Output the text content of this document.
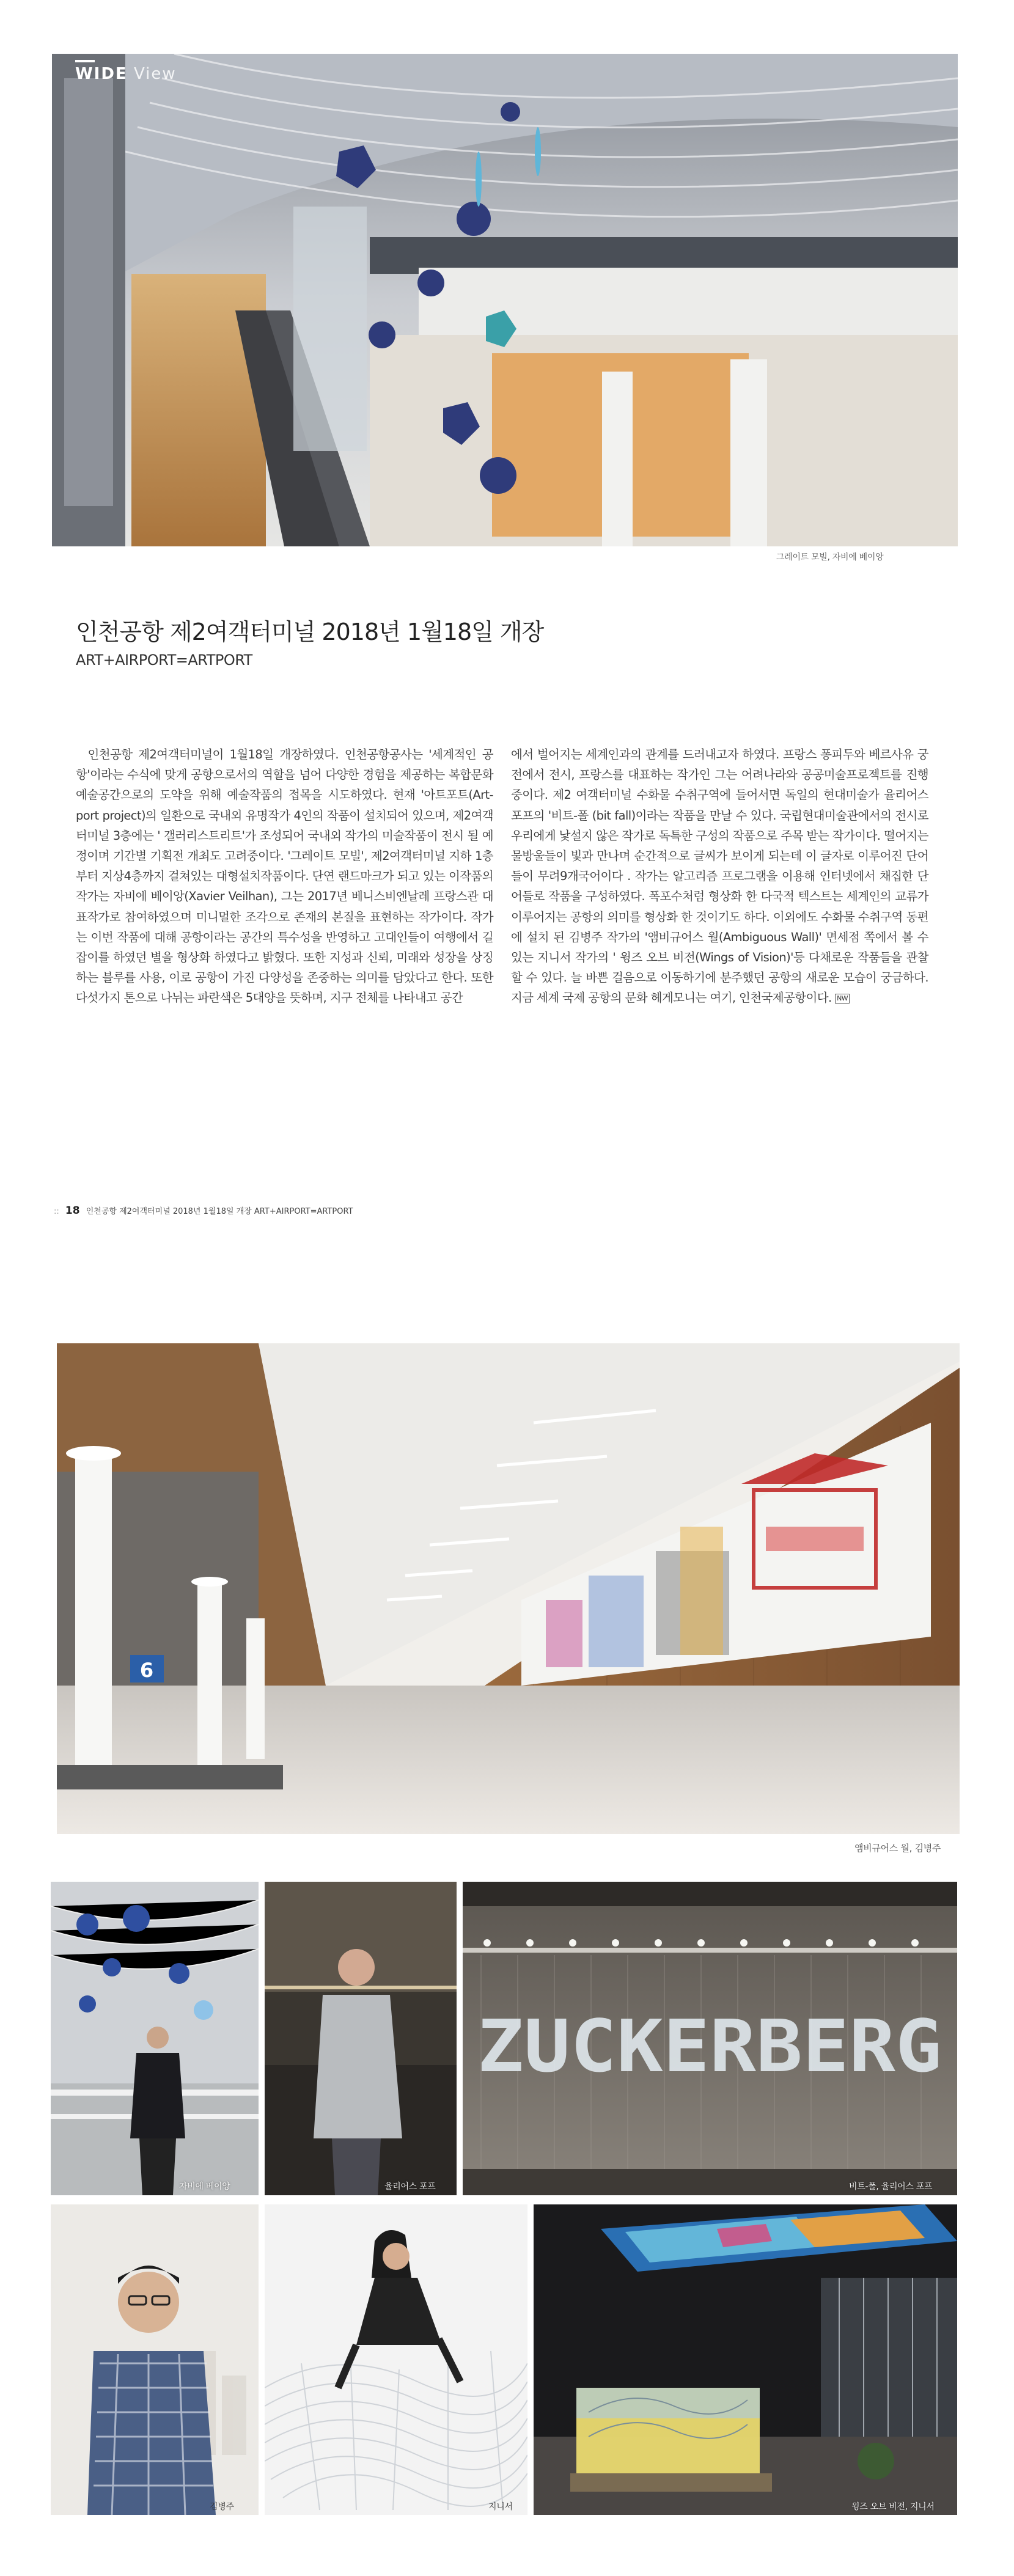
WIDE View
그레이트 모빌, 자비에 베이앙
인천공항 제2여객터미널 2018년 1월18일 개장
ART+AIRPORT=ARTPORT

인천공항 제2여객터미널이 1월18일 개장하였다. 인천공항공사는 '세계적인 공항'이라는 수식에 맞게 공항으로서의 역할을 넘어 다양한 경험을 제공하는 복합문화예술공간으로의 도약을 위해 예술작품의 접목을 시도하였다. 현재 '아트포트(Art-port project)의 일환으로 국내외 유명작가 4인의 작품이 설치되어 있으며, 제2여객터미널 3층에는 ' 갤러리스트리트'가 조성되어 국내외 작가의 미술작품이 전시 될 예정이며 기간별 기획전 개최도 고려중이다. '그레이트 모빌', 제2여객터미널 지하 1층부터 지상4층까지 걸쳐있는 대형설치작품이다. 단연 랜드마크가 되고 있는 이작품의 작가는 자비에 베이앙(Xavier Veilhan), 그는 2017년 베니스비엔날레 프랑스관 대표작가로 참여하였으며 미니멀한 조각으로 존재의 본질을 표현하는 작가이다. 작가는 이번 작품에 대해 공항이라는 공간의 특수성을 반영하고 고대인들이 여행에서 길잡이를 하였던 별을 형상화 하였다고 밝혔다. 또한 지성과 신뢰, 미래와 성장을 상징하는 블루를 사용, 이로 공항이 가진 다양성을 존중하는 의미를 담았다고 한다. 또한 다섯가지 톤으로 나뉘는 파란색은 5대양을 뜻하며, 지구 전체를 나타내고 공간

에서 벌어지는 세계인과의 관계를 드러내고자 하였다. 프랑스 퐁피두와 베르사유 궁전에서 전시, 프랑스를 대표하는 작가인 그는 어려나라와 공공미술프로젝트를 진행중이다. 제2 여객터미널 수화물 수취구역에 들어서면 독일의 현대미술가 율리어스 포프의 '비트-폴 (bit fall)이라는 작품을 만날 수 있다. 국립현대미술관에서의 전시로 우리에게 낯설지 않은 작가로 독특한 구성의 작품으로 주목 받는 작가이다. 떨어지는 물방울들이 빛과 만나며 순간적으로 글씨가 보이게 되는데 이 글자로 이루어진 단어들이 무려9개국어이다 . 작가는 알고리즘 프로그램을 이용해 인터넷에서 채집한 단어들로 작품을 구성하였다. 폭포수처럼 형상화 한 다국적 텍스트는 세계인의 교류가 이루어지는 공항의 의미를 형상화 한 것이기도 하다. 이외에도 수화물 수취구역 동편에 설치 된 김병주 작가의 '앰비규어스 월(Ambiguous Wall)' 면세점 쪽에서 볼 수 있는 지니서 작가의 ' 윙즈 오브 비전(Wings of Vision)'등 다채로운 작품들을 관찰 할 수 있다. 늘 바쁜 걸음으로 이동하기에 분주했던 공항의 새로운 모습이 궁금하다. 지금 세계 국제 공항의 문화 헤게모니는 여기, 인천국제공항이다. NW

:: 18 인천공항 제2여객터미널 2018년 1월18일 개장 ART+AIRPORT=ARTPORT
6
앰비규어스 월, 김병주
자비에 베이앙	율리어스 포프
ZUCKERBERG
비트-폴, 율리어스 포프
김병주	지니서	윙즈 오브 비전, 지니서
